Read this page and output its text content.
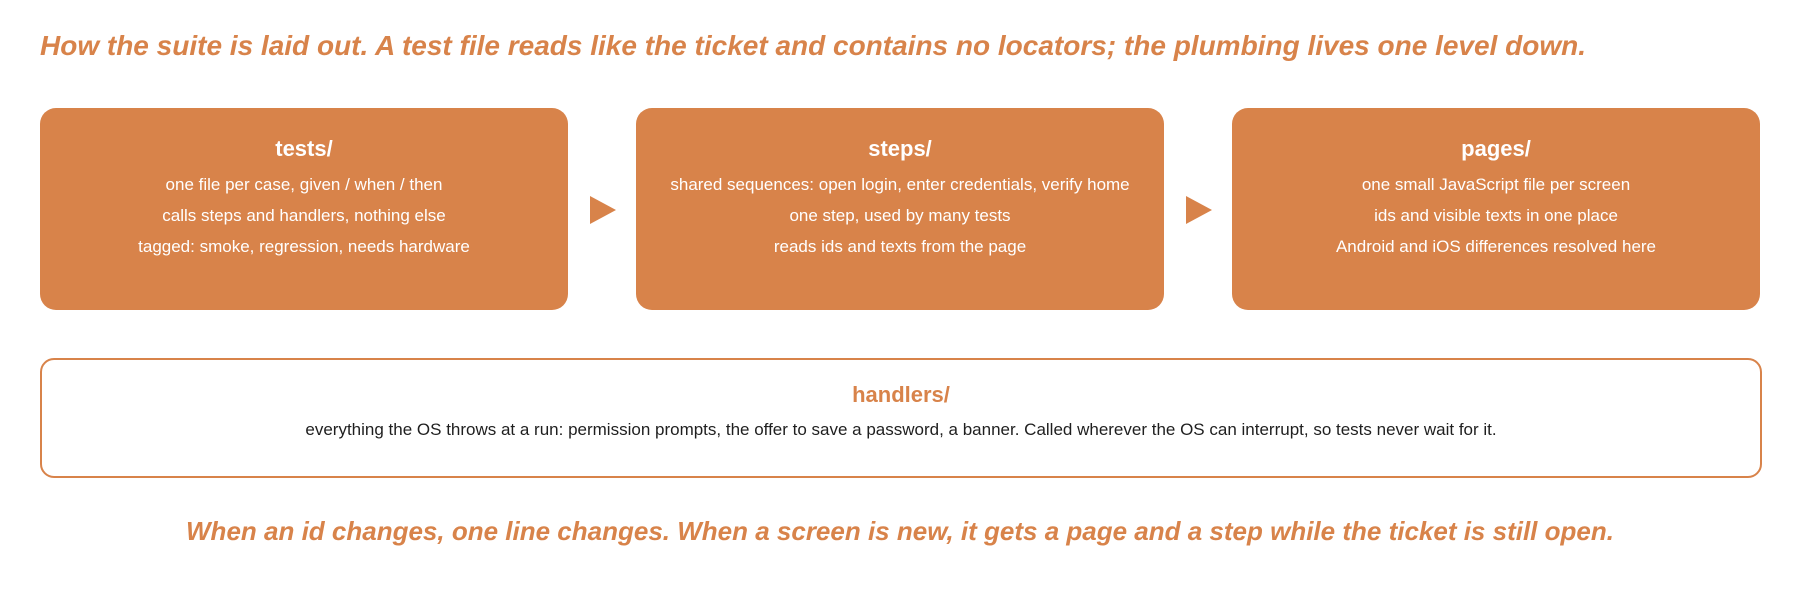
How the suite is laid out. A test file reads like the ticket and contains no locators; the plumbing lives one level down.
tests/
one file per case, given / when / then
calls steps and handlers, nothing else
tagged: smoke, regression, needs hardware
steps/
shared sequences: open login, enter credentials, verify home
one step, used by many tests
reads ids and texts from the page
pages/
one small JavaScript file per screen
ids and visible texts in one place
Android and iOS differences resolved here
handlers/

everything the OS throws at a run: permission prompts, the offer to save a password, a banner. Called wherever the OS can interrupt, so tests never wait for it.

When an id changes, one line changes. When a screen is new, it gets a page and a step while the ticket is still open.
